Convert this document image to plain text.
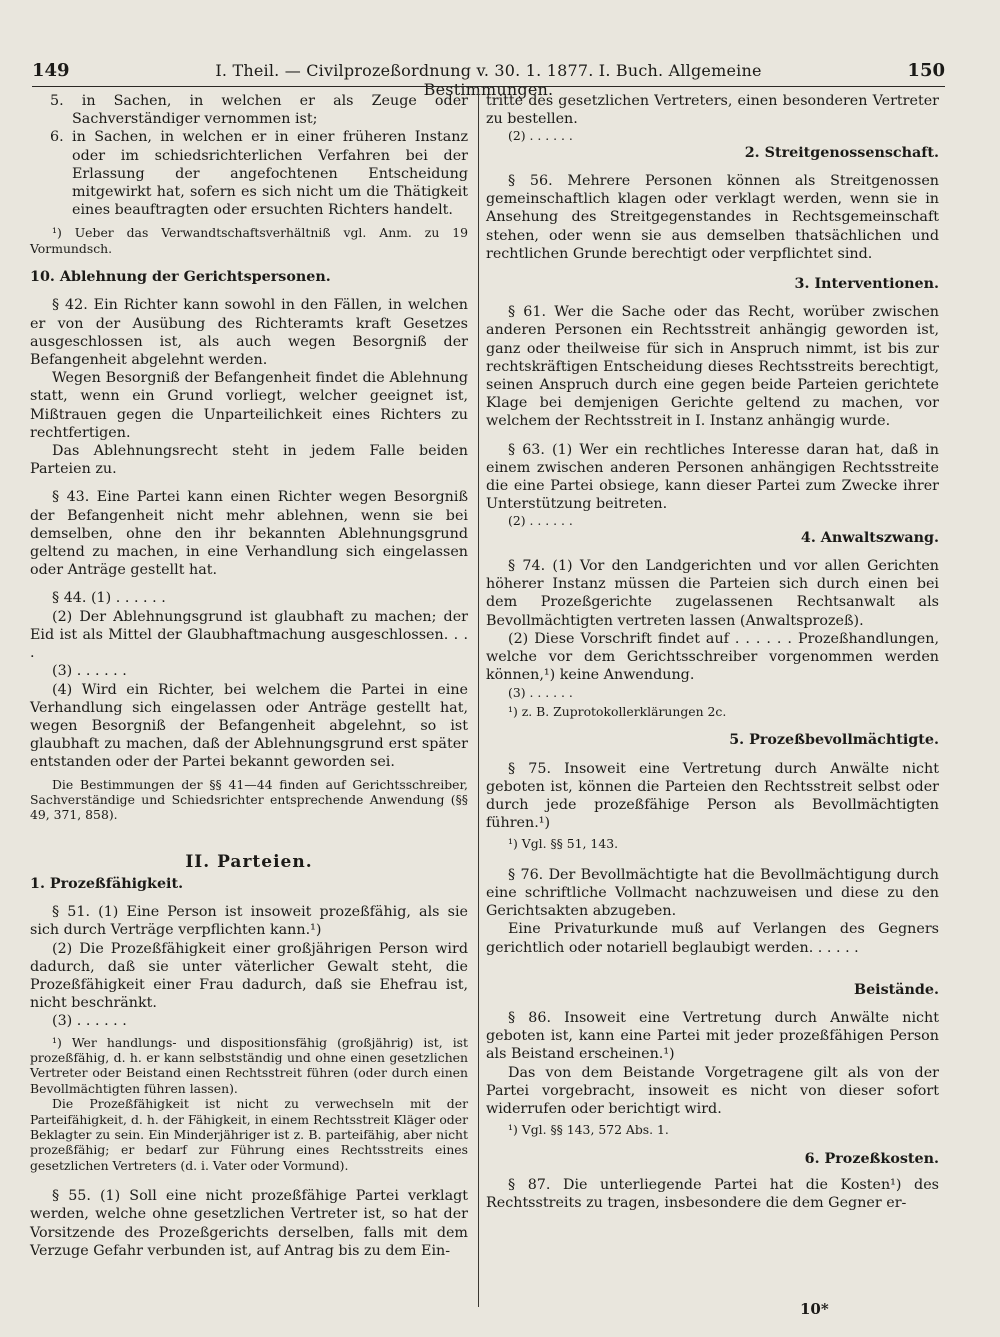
149	I. Theil. — Civilprozeßordnung v. 30. 1. 1877. I. Buch. Allgemeine Bestimmungen.
150

5. in Sachen, in welchen er als Zeuge oder Sachverständiger vernommen ist;

6. in Sachen, in welchen er in einer früheren Instanz oder im schiedsrichterlichen Verfahren bei der Erlassung der angefochtenen Entscheidung mitgewirkt hat, sofern es sich nicht um die Thätigkeit eines beauftragten oder ersuchten Richters handelt.

¹) Ueber das Verwandtschaftsverhältniß vgl. Anm. zu 19 Vormundsch.

10. Ablehnung der Gerichtspersonen.

§ 42. Ein Richter kann sowohl in den Fällen, in welchen er von der Ausübung des Richteramts kraft Gesetzes ausgeschlossen ist, als auch wegen Besorgniß der Befangenheit abgelehnt werden.

Wegen Besorgniß der Befangenheit findet die Ablehnung statt, wenn ein Grund vorliegt, welcher geeignet ist, Mißtrauen gegen die Unparteilichkeit eines Richters zu rechtfertigen.

Das Ablehnungsrecht steht in jedem Falle beiden Parteien zu.

§ 43. Eine Partei kann einen Richter wegen Besorgniß der Befangenheit nicht mehr ablehnen, wenn sie bei demselben, ohne den ihr bekannten Ablehnungsgrund geltend zu machen, in eine Verhandlung sich eingelassen oder Anträge gestellt hat.

§ 44. (1) . . . . . .

(2) Der Ablehnungsgrund ist glaubhaft zu machen; der Eid ist als Mittel der Glaubhaftmachung ausgeschlossen. . . .

(3) . . . . . .

(4) Wird ein Richter, bei welchem die Partei in eine Verhandlung sich eingelassen oder Anträge gestellt hat, wegen Besorgniß der Befangenheit abgelehnt, so ist glaubhaft zu machen, daß der Ablehnungsgrund erst später entstanden oder der Partei bekannt geworden sei.

Die Bestimmungen der §§ 41—44 finden auf Gerichtsschreiber, Sachverständige und Schiedsrichter entsprechende Anwendung (§§ 49, 371, 858).

II. Parteien.

1. Prozeßfähigkeit.

§ 51. (1) Eine Person ist insoweit prozeßfähig, als sie sich durch Verträge verpflichten kann.¹)

(2) Die Prozeßfähigkeit einer großjährigen Person wird dadurch, daß sie unter väterlicher Gewalt steht, die Prozeßfähigkeit einer Frau dadurch, daß sie Ehefrau ist, nicht beschränkt.

(3) . . . . . .

¹) Wer handlungs- und dispositionsfähig (großjährig) ist, ist prozeßfähig, d. h. er kann selbstständig und ohne einen gesetzlichen Vertreter oder Beistand einen Rechtsstreit führen (oder durch einen Bevollmächtigten führen lassen).

Die Prozeßfähigkeit ist nicht zu verwechseln mit der Parteifähigkeit, d. h. der Fähigkeit, in einem Rechtsstreit Kläger oder Beklagter zu sein. Ein Minderjähriger ist z. B. parteifähig, aber nicht prozeßfähig; er bedarf zur Führung eines Rechtsstreits eines gesetzlichen Vertreters (d. i. Vater oder Vormund).

§ 55. (1) Soll eine nicht prozeßfähige Partei verklagt werden, welche ohne gesetzlichen Vertreter ist, so hat der Vorsitzende des Prozeßgerichts derselben, falls mit dem Verzuge Gefahr verbunden ist, auf Antrag bis zu dem Ein-

tritte des gesetzlichen Vertreters, einen besonderen Vertreter zu bestellen.

(2) . . . . . .

2. Streitgenossenschaft.

§ 56. Mehrere Personen können als Streitgenossen gemeinschaftlich klagen oder verklagt werden, wenn sie in Ansehung des Streitgegenstandes in Rechtsgemeinschaft stehen, oder wenn sie aus demselben thatsächlichen und rechtlichen Grunde berechtigt oder verpflichtet sind.

3. Interventionen.

§ 61. Wer die Sache oder das Recht, worüber zwischen anderen Personen ein Rechtsstreit anhängig geworden ist, ganz oder theilweise für sich in Anspruch nimmt, ist bis zur rechtskräftigen Entscheidung dieses Rechtsstreits berechtigt, seinen Anspruch durch eine gegen beide Parteien gerichtete Klage bei demjenigen Gerichte geltend zu machen, vor welchem der Rechtsstreit in I. Instanz anhängig wurde.

§ 63. (1) Wer ein rechtliches Interesse daran hat, daß in einem zwischen anderen Personen anhängigen Rechtsstreite die eine Partei obsiege, kann dieser Partei zum Zwecke ihrer Unterstützung beitreten.

(2) . . . . . .

4. Anwaltszwang.

§ 74. (1) Vor den Landgerichten und vor allen Gerichten höherer Instanz müssen die Parteien sich durch einen bei dem Prozeßgerichte zugelassenen Rechtsanwalt als Bevollmächtigten vertreten lassen (Anwaltsprozeß).

(2) Diese Vorschrift findet auf . . . . . . Prozeßhandlungen, welche vor dem Gerichtsschreiber vorgenommen werden können,¹) keine Anwendung.

(3) . . . . . .

¹) z. B. Zuprotokollerklärungen 2c.

5. Prozeßbevollmächtigte.

§ 75. Insoweit eine Vertretung durch Anwälte nicht geboten ist, können die Parteien den Rechtsstreit selbst oder durch jede prozeßfähige Person als Bevollmächtigten führen.¹)

¹) Vgl. §§ 51, 143.

§ 76. Der Bevollmächtigte hat die Bevollmächtigung durch eine schriftliche Vollmacht nachzuweisen und diese zu den Gerichtsakten abzugeben.

Eine Privaturkunde muß auf Verlangen des Gegners gerichtlich oder notariell beglaubigt werden. . . . . .

Beistände.

§ 86. Insoweit eine Vertretung durch Anwälte nicht geboten ist, kann eine Partei mit jeder prozeßfähigen Person als Beistand erscheinen.¹)

Das von dem Beistande Vorgetragene gilt als von der Partei vorgebracht, insoweit es nicht von dieser sofort widerrufen oder berichtigt wird.

¹) Vgl. §§ 143, 572 Abs. 1.

6. Prozeßkosten.

§ 87. Die unterliegende Partei hat die Kosten¹) des Rechtsstreits zu tragen, insbesondere die dem Gegner er-

10*
